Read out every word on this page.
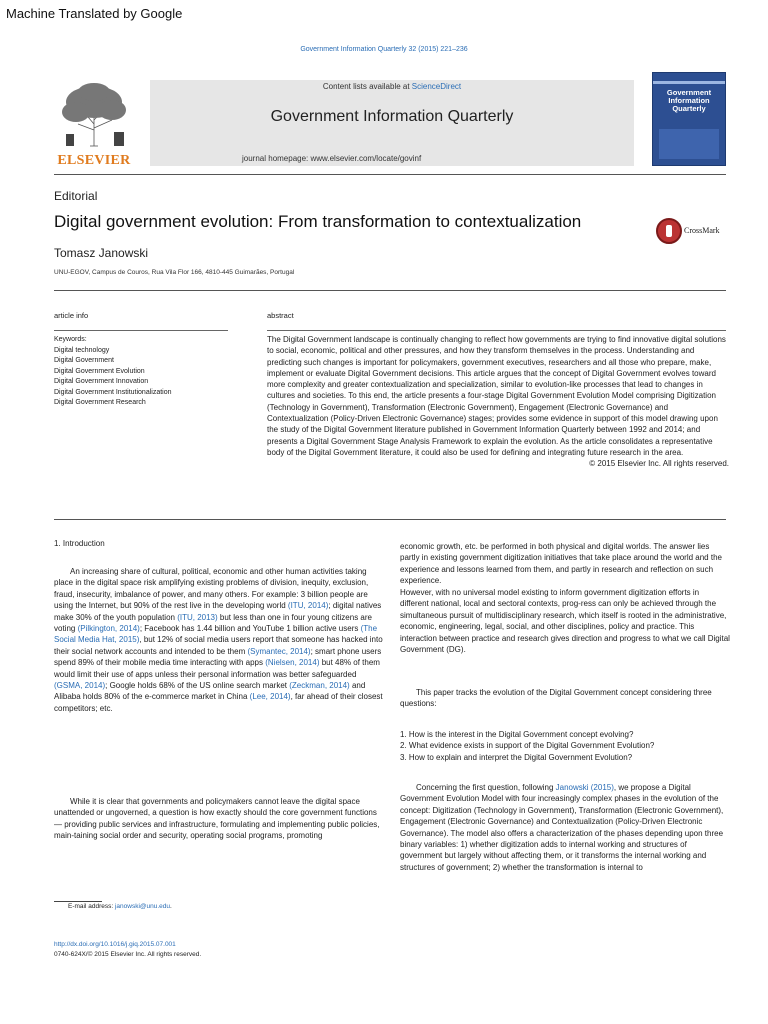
Machine Translated by Google
Government Information Quarterly 32 (2015) 221–236
ELSEVIER
Content lists available at ScienceDirect
Government Information Quarterly
journal homepage: www.elsevier.com/locate/govinf
Government Information Quarterly
Editorial
Digital government evolution: From transformation to contextualization	CrossMark
Tomasz Janowski
UNU-EGOV, Campus de Couros, Rua Vila Flor 166, 4810-445 Guimarães, Portugal
article info	abstract
Keywords:
Digital technology
Digital Government
Digital Government Evolution
Digital Government Innovation
Digital Government Institutionalization
Digital Government Research

The Digital Government landscape is continually changing to reflect how governments are trying to find innovative digital solutions to social, economic, political and other pressures, and how they transform themselves in the process. Understanding and predicting such changes is important for policymakers, government executives, researchers and all those who prepare, make, implement or evaluate Digital Government decisions. This article argues that the concept of Digital Government evolves toward more complexity and greater contextualization and specialization, similar to evolution-like processes that lead to changes in cultures and societies. To this end, the article presents a four-stage Digital Government Evolution Model comprising Digitization (Technology in Government), Transformation (Electronic Government), Engagement (Electronic Governance) and Contextualization (Policy-Driven Electronic Governance) stages; provides some evidence in support of this model drawing upon the study of the Digital Government literature published in Government Information Quarterly between 1992 and 2014; and presents a Digital Government Stage Analysis Framework to explain the evolution. As the article consolidates a representative body of the Digital Government literature, it could also be used for defining and integrating future research in the area.

© 2015 Elsevier Inc. All rights reserved.

1. Introduction
An increasing share of cultural, political, economic and other human activities taking place in the digital space risk amplifying existing problems of division, inequity, exclusion, fraud, insecurity, imbalance of power, and many others. For example: 3 billion people are using the Internet, but 90% of the rest live in the developing world (ITU, 2014); digital natives make 30% of the youth population (ITU, 2013) but less than one in four young citizens are voting (Pilkington, 2014); Facebook has 1.44 billion and YouTube 1 billion active users (The Social Media Hat, 2015), but 12% of social media users report that someone has hacked into their social network accounts and intended to be them (Symantec, 2014); smart phone users spend 89% of their mobile media time interacting with apps (Nielsen, 2014) but 48% of them would limit their use of apps unless their personal information was better safeguarded (GSMA, 2014); Google holds 68% of the US online search market (Zeckman, 2014) and Alibaba holds 80% of the e-commerce market in China (Lee, 2014), far ahead of their closest competitors; etc.
While it is clear that governments and policymakers cannot leave the digital space unattended or ungoverned, a question is how exactly should the core government functions — providing public services and infrastructure, formulating and implementing public policies, main-taining social order and security, operating social programs, promoting
economic growth, etc. be performed in both physical and digital worlds. The answer lies partly in existing government digitization initiatives that take place around the world and the experience and lessons learned from them, and partly in research and reflection on such experience.
However, with no universal model existing to inform government digitization efforts in different national, local and sectoral contexts, prog-ress can only be achieved through the simultaneous pursuit of multidisciplinary research, which itself is rooted in the administrative, economic, engineering, legal, social, and other disciplines, policy and practice. This interaction between practice and research gives direction and progress to what we call Digital Government (DG).
This paper tracks the evolution of the Digital Government concept considering three questions:
1. How is the interest in the Digital Government concept evolving?
2. What evidence exists in support of the Digital Government Evolution?
3. How to explain and interpret the Digital Government Evolution?
Concerning the first question, following Janowski (2015), we propose a Digital Government Evolution Model with four increasingly complex phases in the evolution of the concept: Digitization (Technology in Government), Transformation (Electronic Government), Engagement (Electronic Governance) and Contextualization (Policy-Driven Electronic Governance). The model also offers a characterization of the phases depending upon three binary variables: 1) whether digitization adds to internal working and structures of government but largely without affecting them, or it transforms the internal working and structures of government; 2) whether the transformation is internal to
E-mail address: janowski@unu.edu.
http://dx.doi.org/10.1016/j.giq.2015.07.001
0740-624X/© 2015 Elsevier Inc. All rights reserved.
